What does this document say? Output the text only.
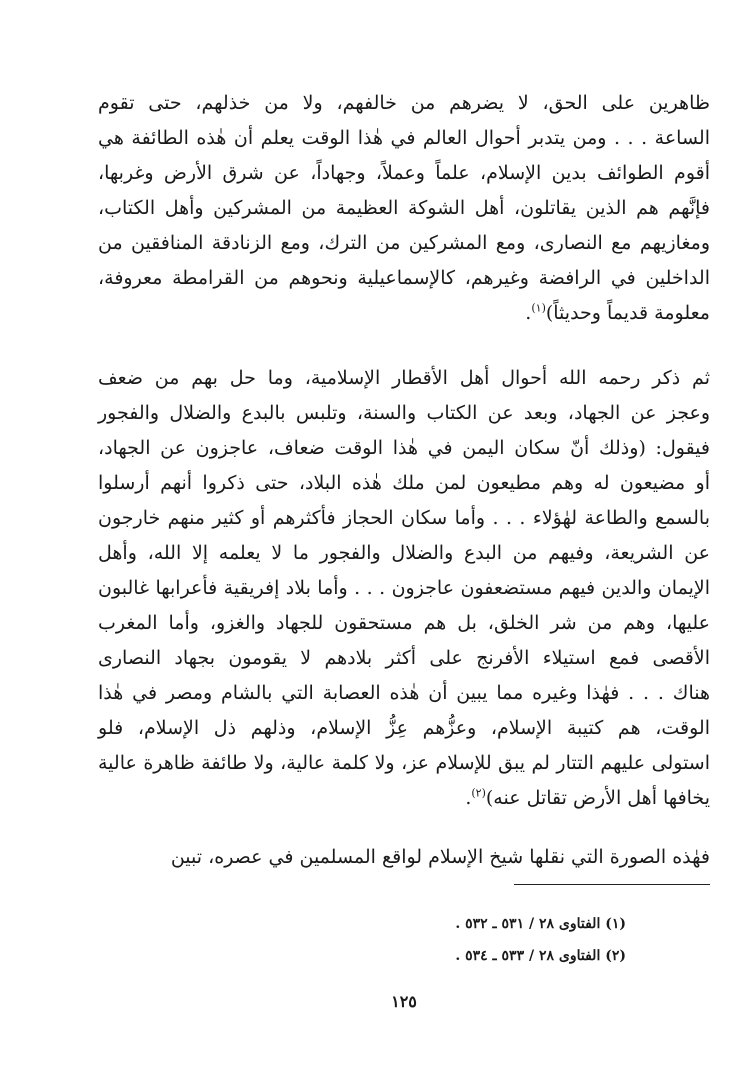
ظاهرين على الحق، لا يضرهم من خالفهم، ولا من خذلهم، حتى تقوم

الساعة . . . ومن يتدبر أحوال العالم في هٰذا الوقت يعلم أن هٰذه الطائفة هي

أقوم الطوائف بدين الإسلام، علماً وعملاً، وجهاداً، عن شرق الأرض وغربها،

فإنَّهم هم الذين يقاتلون، أهل الشوكة العظيمة من المشركين وأهل الكتاب،

ومغازيهم مع النصارى، ومع المشركين من الترك، ومع الزنادقة المنافقين من

الداخلين في الرافضة وغيرهم، كالإسماعيلية ونحوهم من القرامطة معروفة،

معلومة قديماً وحديثاً)$^{(١)}$.

ثم ذكر رحمه الله أحوال أهل الأقطار الإسلامية، وما حل بهم من ضعف

وعجز عن الجهاد، وبعد عن الكتاب والسنة، وتلبس بالبدع والضلال والفجور

فيقول: (وذلك أنّ سكان اليمن في هٰذا الوقت ضعاف، عاجزون عن الجهاد،

أو مضيعون له وهم مطيعون لمن ملك هٰذه البلاد، حتى ذكروا أنهم أرسلوا

بالسمع والطاعة لهٰؤلاء . . . وأما سكان الحجاز فأكثرهم أو كثير منهم خارجون

عن الشريعة، وفيهم من البدع والضلال والفجور ما لا يعلمه إلا الله، وأهل

الإيمان والدين فيهم مستضعفون عاجزون . . . وأما بلاد إفريقية فأعرابها غالبون

عليها، وهم من شر الخلق، بل هم مستحقون للجهاد والغزو، وأما المغرب

الأقصى فمع استيلاء الأفرنج على أكثر بلادهم لا يقومون بجهاد النصارى

هناك . . . فهٰذا وغيره مما يبين أن هٰذه العصابة التي بالشام ومصر في هٰذا

الوقت، هم كتيبة الإسلام، وعزُّهم عِزُّ الإسلام، وذلهم ذل الإسلام، فلو

استولى عليهم التتار لم يبق للإسلام عز، ولا كلمة عالية، ولا طائفة ظاهرة عالية

يخافها أهل الأرض تقاتل عنه)$^{(٢)}$.

فهٰذه الصورة التي نقلها شيخ الإسلام لواقع المسلمين في عصره، تبين

(١) الفتاوى ٢٨ / ٥٣١ ـ ٥٣٢ .
(٢) الفتاوى ٢٨ / ٥٣٣ ـ ٥٣٤ .
١٢٥
